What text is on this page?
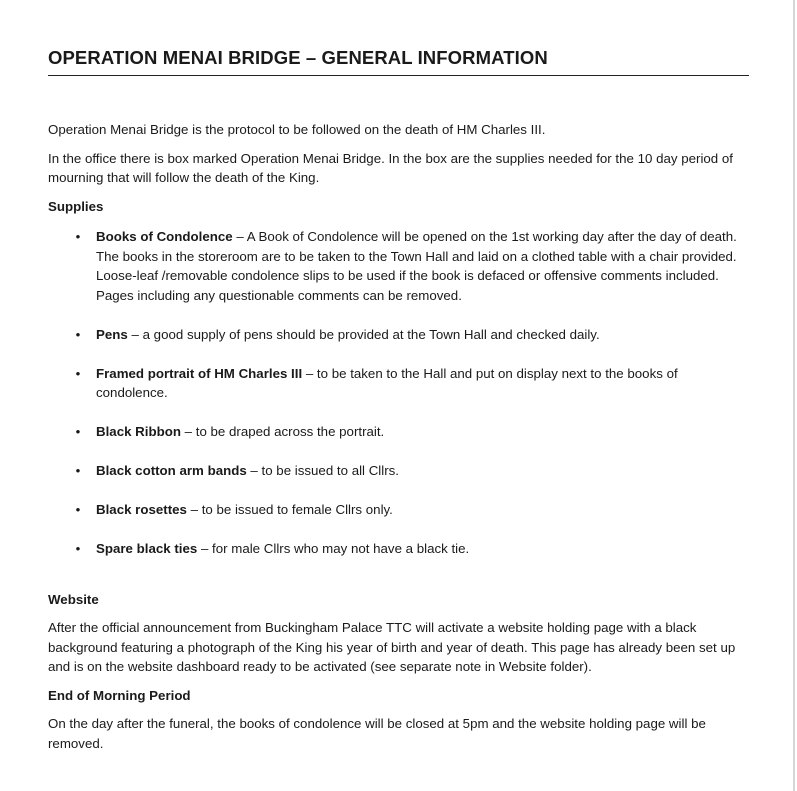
OPERATION MENAI BRIDGE – GENERAL INFORMATION

Operation Menai Bridge is the protocol to be followed on the death of HM Charles III.

In the office there is box marked Operation Menai Bridge. In the box are the supplies needed for the 10 day period of mourning that will follow the death of the King.

Supplies
• Books of Condolence – A Book of Condolence will be opened on the 1st working day after the day of death. The books in the storeroom are to be taken to the Town Hall and laid on a clothed table with a chair provided. Loose-leaf /removable condolence slips to be used if the book is defaced or offensive comments included. Pages including any questionable comments can be removed.
• Pens – a good supply of pens should be provided at the Town Hall and checked daily.
• Framed portrait of HM Charles III – to be taken to the Hall and put on display next to the books of condolence.
• Black Ribbon – to be draped across the portrait.
• Black cotton arm bands – to be issued to all Cllrs.
• Black rosettes – to be issued to female Cllrs only.
• Spare black ties – for male Cllrs who may not have a black tie.
Website

After the official announcement from Buckingham Palace TTC will activate a website holding page with a black background featuring a photograph of the King his year of birth and year of death. This page has already been set up and is on the website dashboard ready to be activated (see separate note in Website folder).

End of Morning Period

On the day after the funeral, the books of condolence will be closed at 5pm and the website holding page will be removed.
